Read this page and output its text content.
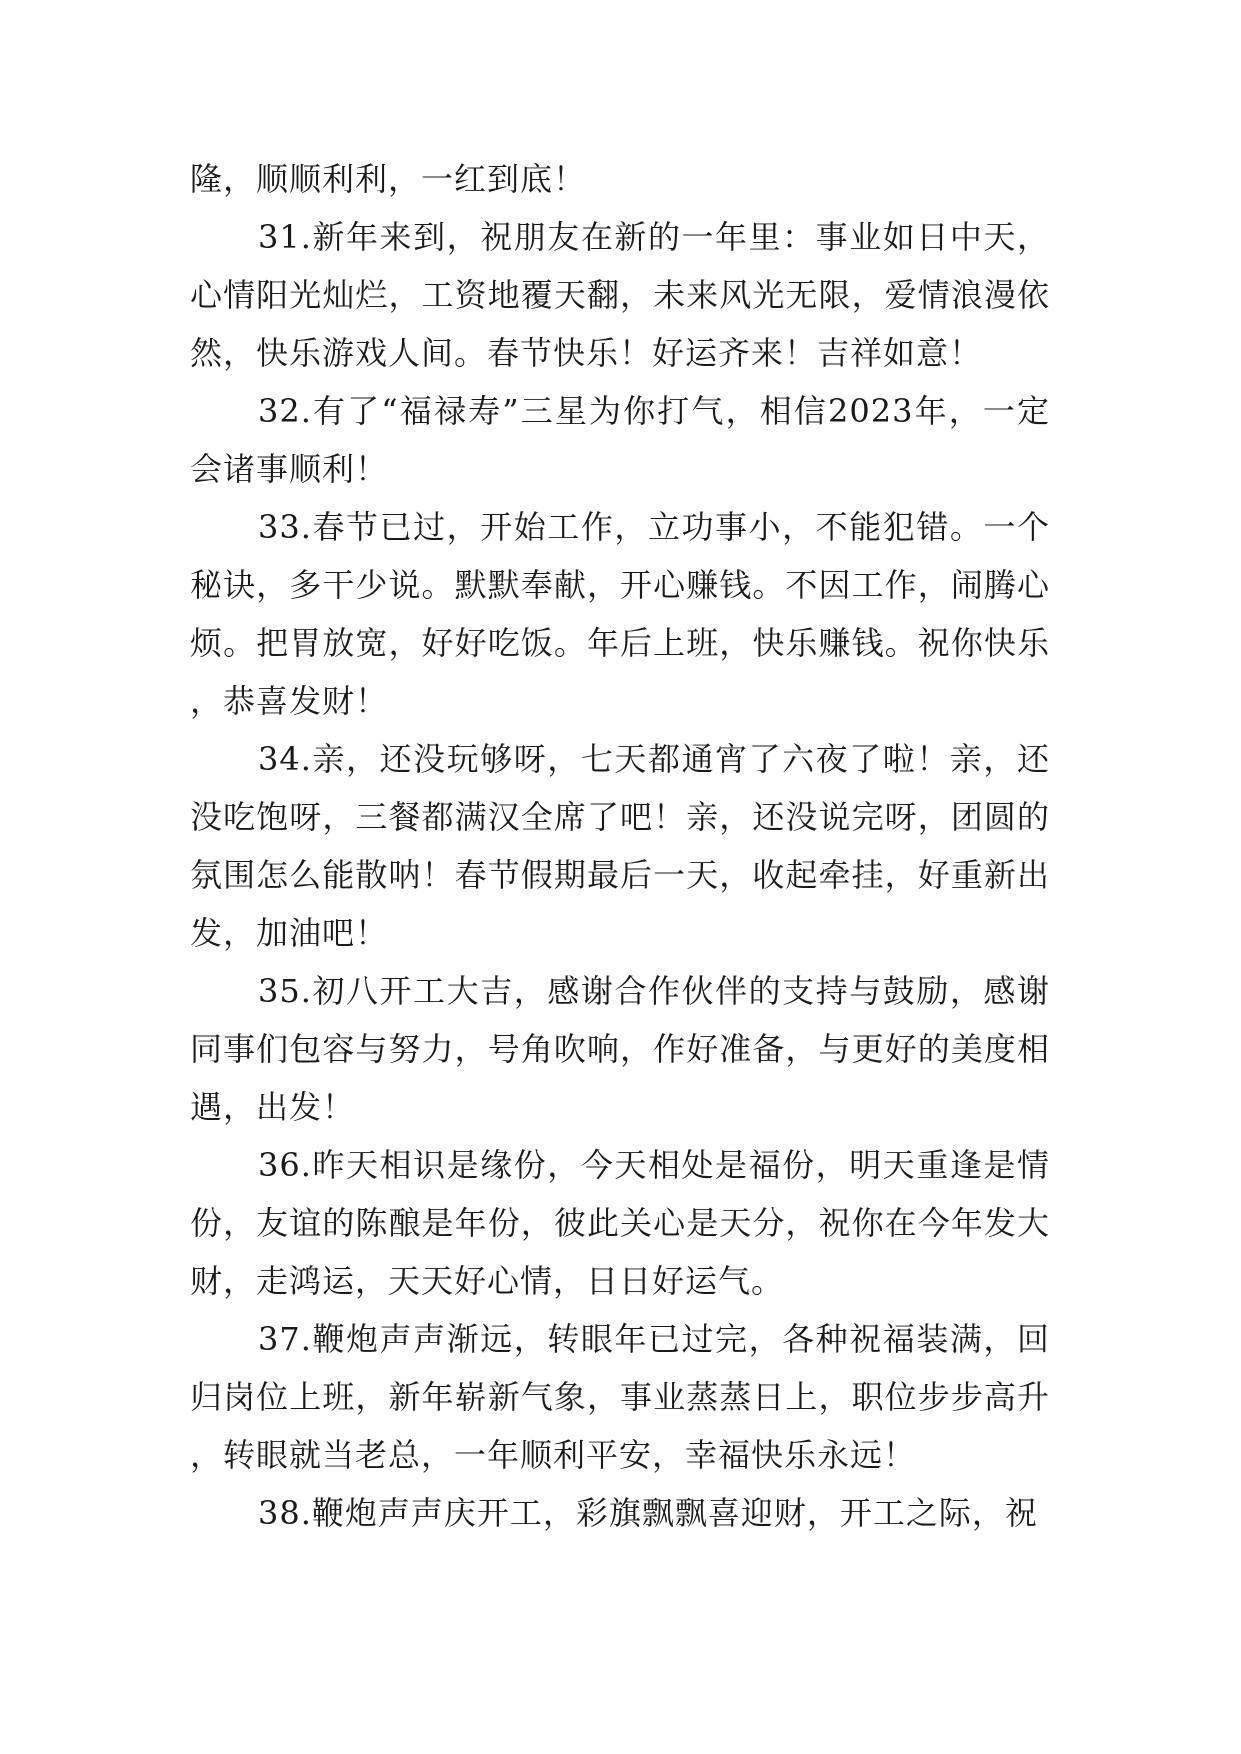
隆，顺顺利利，一红到底！

31.新年来到，祝朋友在新的一年里：事业如日中天，心情阳光灿烂，工资地覆天翻，未来风光无限，爱情浪漫依然，快乐游戏人间。春节快乐！好运齐来！吉祥如意！

32.有了“福禄寿”三星为你打气，相信2023年，一定会诸事顺利！

33.春节已过，开始工作，立功事小，不能犯错。一个秘诀，多干少说。默默奉献，开心赚钱。不因工作，闹腾心烦。把胃放宽，好好吃饭。年后上班，快乐赚钱。祝你快乐，恭喜发财！

34.亲，还没玩够呀，七天都通宵了六夜了啦！亲，还没吃饱呀，三餐都满汉全席了吧！亲，还没说完呀，团圆的氛围怎么能散呐！春节假期最后一天，收起牵挂，好重新出发，加油吧！

35.初八开工大吉，感谢合作伙伴的支持与鼓励，感谢同事们包容与努力，号角吹响，作好准备，与更好的美度相遇，出发！

36.昨天相识是缘份，今天相处是福份，明天重逢是情份，友谊的陈酿是年份，彼此关心是天分，祝你在今年发大财，走鸿运，天天好心情，日日好运气。

37.鞭炮声声渐远，转眼年已过完，各种祝福装满，回归岗位上班，新年崭新气象，事业蒸蒸日上，职位步步高升，转眼就当老总，一年顺利平安，幸福快乐永远！

38.鞭炮声声庆开工，彩旗飘飘喜迎财，开工之际，祝
